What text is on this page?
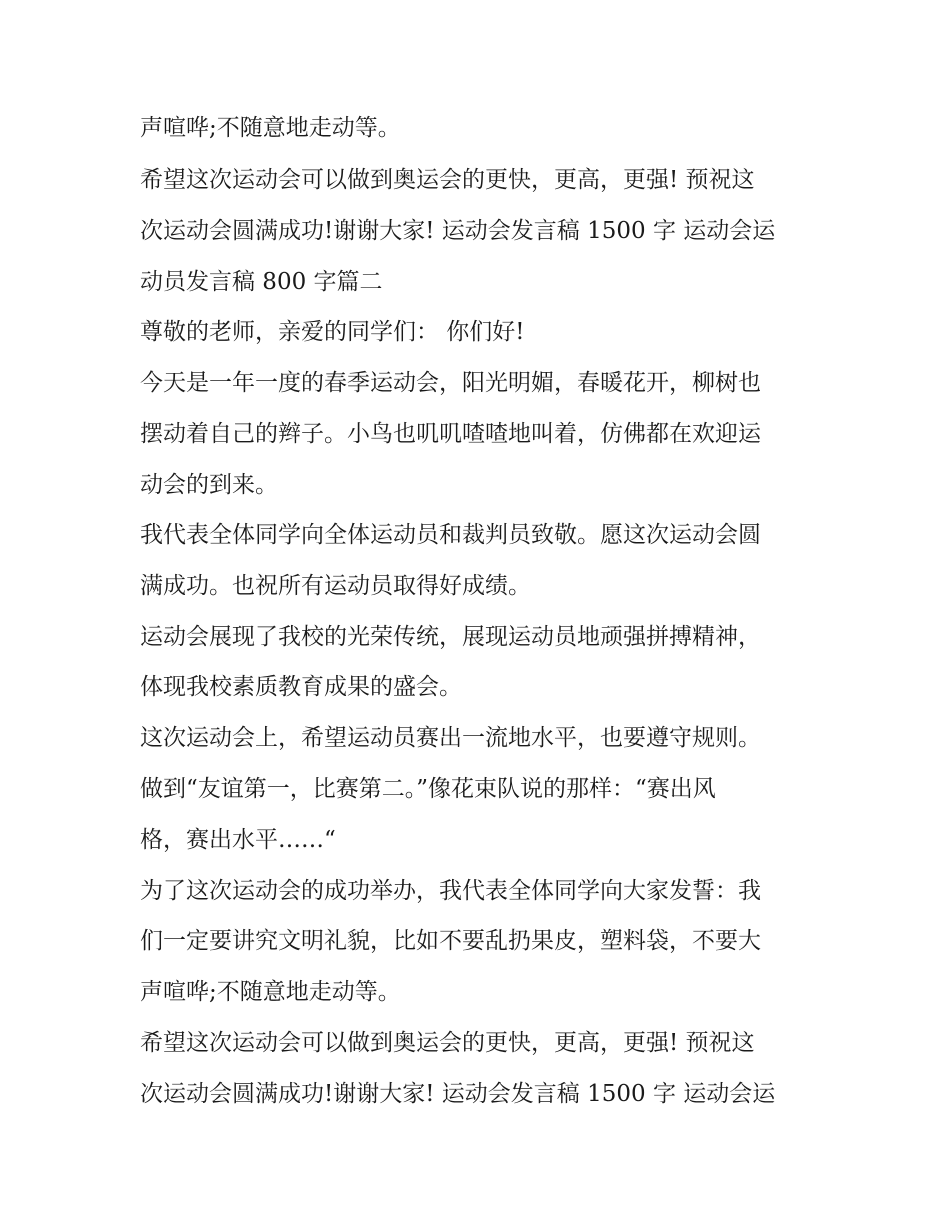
声喧哗;不随意地走动等。
希望这次运动会可以做到奥运会的更快，更高，更强! 预祝这
次运动会圆满成功!谢谢大家! 运动会发言稿 1500 字 运动会运
动员发言稿 800 字篇二
尊敬的老师，亲爱的同学们： 你们好!
今天是一年一度的春季运动会，阳光明媚，春暖花开，柳树也
摆动着自己的辫子。小鸟也叽叽喳喳地叫着，仿佛都在欢迎运
动会的到来。
我代表全体同学向全体运动员和裁判员致敬。愿这次运动会圆
满成功。也祝所有运动员取得好成绩。
运动会展现了我校的光荣传统，展现运动员地顽强拼搏精神，
体现我校素质教育成果的盛会。
这次运动会上，希望运动员赛出一流地水平，也要遵守规则。
做到“友谊第一，比赛第二。”像花束队说的那样：“赛出风
格，赛出水平……“
为了这次运动会的成功举办，我代表全体同学向大家发誓：我
们一定要讲究文明礼貌，比如不要乱扔果皮，塑料袋，不要大
声喧哗;不随意地走动等。
希望这次运动会可以做到奥运会的更快，更高，更强! 预祝这
次运动会圆满成功!谢谢大家! 运动会发言稿 1500 字 运动会运
